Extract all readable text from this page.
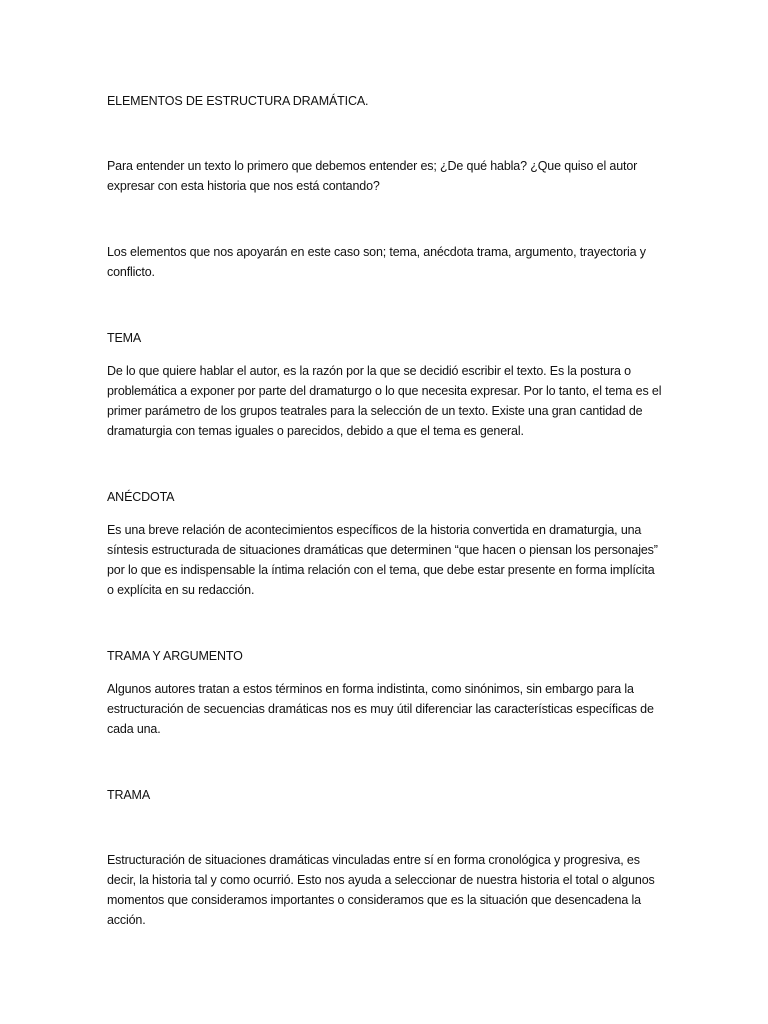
ELEMENTOS DE ESTRUCTURA DRAMÁTICA.

Para entender un texto lo primero que debemos entender es; ¿De qué habla? ¿Que quiso el autor expresar con esta historia que nos está contando?

Los elementos que nos apoyarán en este caso son; tema, anécdota trama, argumento, trayectoria y conflicto.

TEMA

De lo que quiere hablar el autor, es la razón por la que se decidió escribir el texto. Es la postura o problemática a exponer por parte del dramaturgo o lo que necesita expresar. Por lo tanto, el tema es el primer parámetro de los grupos teatrales para la selección de un texto. Existe una gran cantidad de dramaturgia con temas iguales o parecidos, debido a que el tema es general.

ANÉCDOTA

Es una breve relación de acontecimientos específicos de la historia convertida en dramaturgia, una síntesis estructurada de situaciones dramáticas que determinen “que hacen o piensan los personajes” por lo que es indispensable la íntima relación con el tema, que debe estar presente en forma implícita o explícita en su redacción.

TRAMA Y ARGUMENTO

Algunos autores tratan a estos términos en forma indistinta, como sinónimos, sin embargo para la estructuración de secuencias dramáticas nos es muy útil diferenciar las características específicas de cada una.

TRAMA

Estructuración de situaciones dramáticas vinculadas entre sí en forma cronológica y progresiva, es decir, la historia tal y como ocurrió. Esto nos ayuda a seleccionar de nuestra historia el total o algunos momentos que consideramos importantes o consideramos que es la situación que desencadena la acción.
